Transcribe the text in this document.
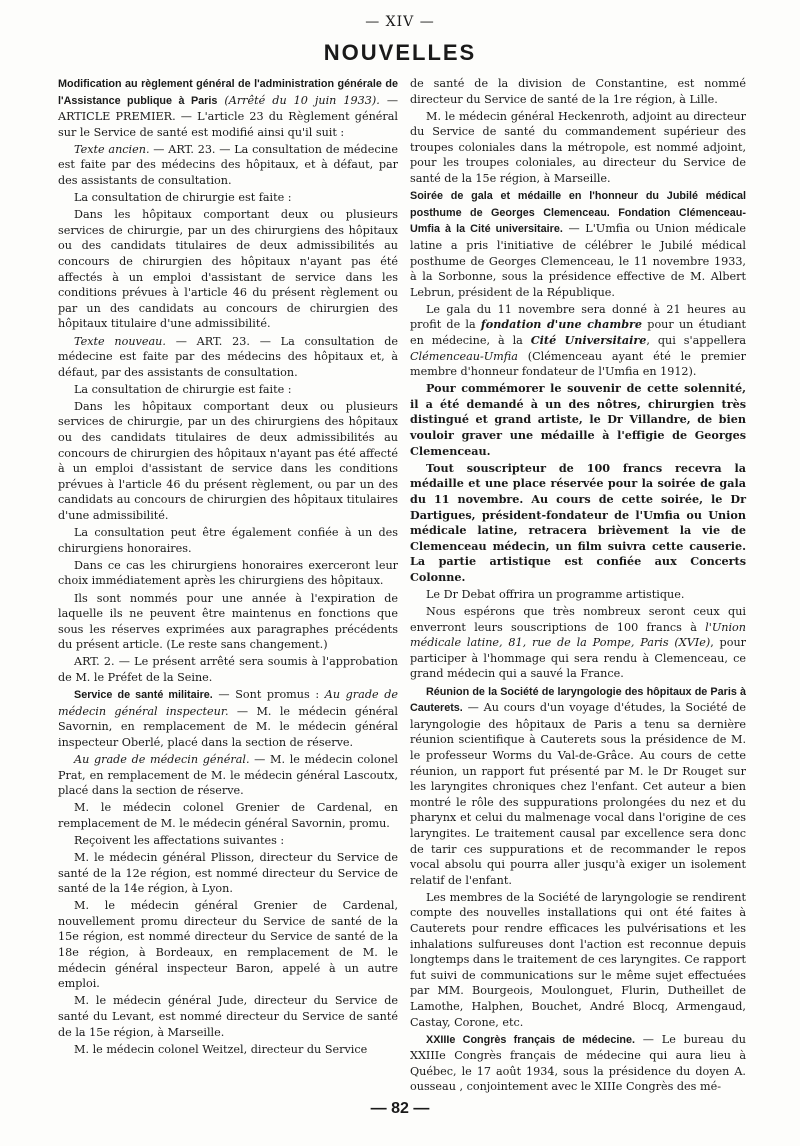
— XIV —
NOUVELLES

Modification au règlement général de l'administration générale de l'Assistance publique à Paris (Arrêté du 10 juin 1933). — ARTICLE PREMIER. — L'article 23 du Règlement général sur le Service de santé est modifié ainsi qu'il suit :

Texte ancien. — ART. 23. — La consultation de médecine est faite par des médecins des hôpitaux, et à défaut, par des assistants de consultation.

La consultation de chirurgie est faite :

Dans les hôpitaux comportant deux ou plusieurs services de chirurgie, par un des chirurgiens des hôpitaux ou des candidats titulaires de deux admissibilités au concours de chirurgien des hôpitaux n'ayant pas été affectés à un emploi d'assistant de service dans les conditions prévues à l'article 46 du présent règlement ou par un des candidats au concours de chirurgien des hôpitaux titulaire d'une admissibilité.

Texte nouveau. — ART. 23. — La consultation de médecine est faite par des médecins des hôpitaux et, à défaut, par des assistants de consultation.

La consultation de chirurgie est faite :

Dans les hôpitaux comportant deux ou plusieurs services de chirurgie, par un des chirurgiens des hôpitaux ou des candidats titulaires de deux admissibilités au concours de chirurgien des hôpitaux n'ayant pas été affecté à un emploi d'assistant de service dans les conditions prévues à l'article 46 du présent règlement, ou par un des candidats au concours de chirurgien des hôpitaux titulaires d'une admissibilité.

La consultation peut être également confiée à un des chirurgiens honoraires.

Dans ce cas les chirurgiens honoraires exerceront leur choix immédiatement après les chirurgiens des hôpitaux.

Ils sont nommés pour une année à l'expiration de laquelle ils ne peuvent être maintenus en fonctions que sous les réserves exprimées aux paragraphes précédents du présent article. (Le reste sans changement.)

ART. 2. — Le présent arrêté sera soumis à l'approbation de M. le Préfet de la Seine.

Service de santé militaire. — Sont promus : Au grade de médecin général inspecteur. — M. le médecin général Savornin, en remplacement de M. le médecin général inspecteur Oberlé, placé dans la section de réserve.

Au grade de médecin général. — M. le médecin colonel Prat, en remplacement de M. le médecin général Lascoutx, placé dans la section de réserve.

M. le médecin colonel Grenier de Cardenal, en remplacement de M. le médecin général Savornin, promu.

Reçoivent les affectations suivantes :

M. le médecin général Plisson, directeur du Service de santé de la 12e région, est nommé directeur du Service de santé de la 14e région, à Lyon.

M. le médecin général Grenier de Cardenal, nouvellement promu directeur du Service de santé de la 15e région, est nommé directeur du Service de santé de la 18e région, à Bordeaux, en remplacement de M. le médecin général inspecteur Baron, appelé à un autre emploi.

M. le médecin général Jude, directeur du Service de santé du Levant, est nommé directeur du Service de santé de la 15e région, à Marseille.

M. le médecin colonel Weitzel, directeur du Service

de santé de la division de Constantine, est nommé directeur du Service de santé de la 1re région, à Lille.

M. le médecin général Heckenroth, adjoint au directeur du Service de santé du commandement supérieur des troupes coloniales dans la métropole, est nommé adjoint, pour les troupes coloniales, au directeur du Service de santé de la 15e région, à Marseille.

Soirée de gala et médaille en l'honneur du Jubilé médical posthume de Georges Clemenceau. Fondation Clémenceau-Umfia à la Cité universitaire. — L'Umfia ou Union médicale latine a pris l'initiative de célébrer le Jubilé médical posthume de Georges Clemenceau, le 11 novembre 1933, à la Sorbonne, sous la présidence effective de M. Albert Lebrun, président de la République.

Le gala du 11 novembre sera donné à 21 heures au profit de la fondation d'une chambre pour un étudiant en médecine, à la Cité Universitaire, qui s'appellera Clémenceau-Umfia (Clémenceau ayant été le premier membre d'honneur fondateur de l'Umfia en 1912).

Pour commémorer le souvenir de cette solennité, il a été demandé à un des nôtres, chirurgien très distingué et grand artiste, le Dr Villandre, de bien vouloir graver une médaille à l'effigie de Georges Clemenceau.

Tout souscripteur de 100 francs recevra la médaille et une place réservée pour la soirée de gala du 11 novembre. Au cours de cette soirée, le Dr Dartigues, président-fondateur de l'Umfia ou Union médicale latine, retracera brièvement la vie de Clemenceau médecin, un film suivra cette causerie. La partie artistique est confiée aux Concerts Colonne.

Le Dr Debat offrira un programme artistique.

Nous espérons que très nombreux seront ceux qui enverront leurs souscriptions de 100 francs à l'Union médicale latine, 81, rue de la Pompe, Paris (XVIe), pour participer à l'hommage qui sera rendu à Clemenceau, ce grand médecin qui a sauvé la France.

Réunion de la Société de laryngologie des hôpitaux de Paris à Cauterets. — Au cours d'un voyage d'études, la Société de laryngologie des hôpitaux de Paris a tenu sa dernière réunion scientifique à Cauterets sous la présidence de M. le professeur Worms du Val-de-Grâce. Au cours de cette réunion, un rapport fut présenté par M. le Dr Rouget sur les laryngites chroniques chez l'enfant. Cet auteur a bien montré le rôle des suppurations prolongées du nez et du pharynx et celui du malmenage vocal dans l'origine de ces laryngites. Le traitement causal par excellence sera donc de tarir ces suppurations et de recommander le repos vocal absolu qui pourra aller jusqu'à exiger un isolement relatif de l'enfant.

Les membres de la Société de laryngologie se rendirent compte des nouvelles installations qui ont été faites à Cauterets pour rendre efficaces les pulvérisations et les inhalations sulfureuses dont l'action est reconnue depuis longtemps dans le traitement de ces laryngites. Ce rapport fut suivi de communications sur le même sujet effectuées par MM. Bourgeois, Moulonguet, Flurin, Dutheillet de Lamothe, Halphen, Bouchet, André Blocq, Armengaud, Castay, Corone, etc.

XXIIIe Congrès français de médecine. — Le bureau du XXIIIe Congrès français de médecine qui aura lieu à Québec, le 17 août 1934, sous la présidence du doyen A. ousseau , conjointement avec le XIIIe Congrès des mé-

— 82 —
